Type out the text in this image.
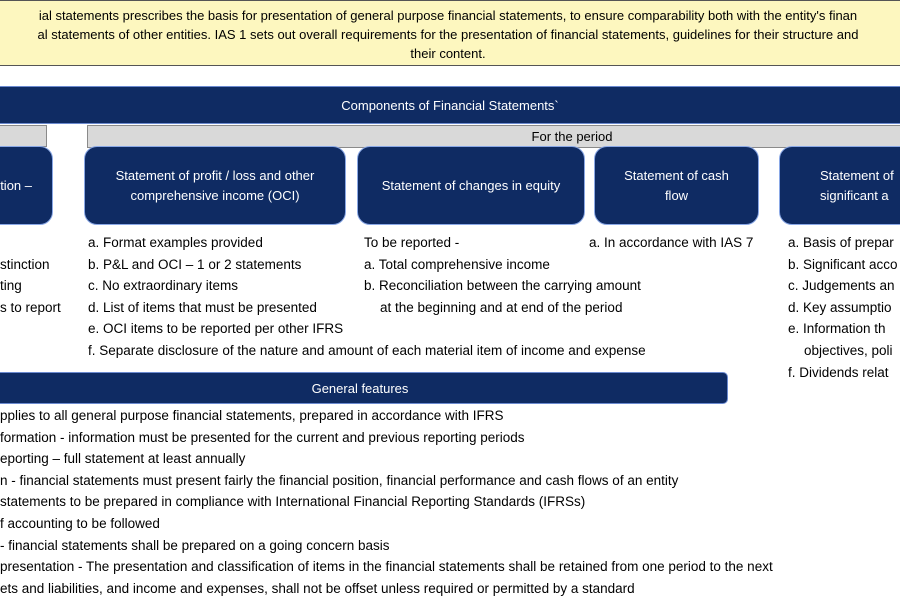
ial statements prescribes the basis for presentation of general purpose financial statements, to ensure comparability both with the entity's finan
al statements of other entities. IAS 1 sets out overall requirements for the presentation of financial statements, guidelines for their structure and
their content.
Components of Financial Statements`
For the period
tion –
Statement of profit / loss and other comprehensive income (OCI)
Statement of changes in equity
Statement of cash flow
Statement of significant a
stinction
ting
s to report
a. Format examples provided
b. P&L and OCI – 1 or 2 statements
c. No extraordinary items
d. List of items that must be presented
e. OCI items to be reported per other IFRS
f. Separate disclosure of the nature and amount of each material item of income and expense
To be reported -
a. Total comprehensive income
b. Reconciliation between the carrying amount
at the beginning and at end of the period
a. In accordance with IAS 7	a. Basis of prepar
b. Significant acco
c. Judgements an
d. Key assumptio
e. Information th
objectives, poli
f. Dividends relat
General features
pplies to all general purpose financial statements, prepared in accordance with IFRS
formation - information must be presented for the current and previous reporting periods
eporting – full statement at least annually
n - financial statements must present fairly the financial position, financial performance and cash flows of an entity
statements to be prepared in compliance with International Financial Reporting Standards (IFRSs)
f accounting to be followed
- financial statements shall be prepared on a going concern basis
presentation - The presentation and classification of items in the financial statements shall be retained from one period to the next
ets and liabilities, and income and expenses, shall not be offset unless required or permitted by a standard
